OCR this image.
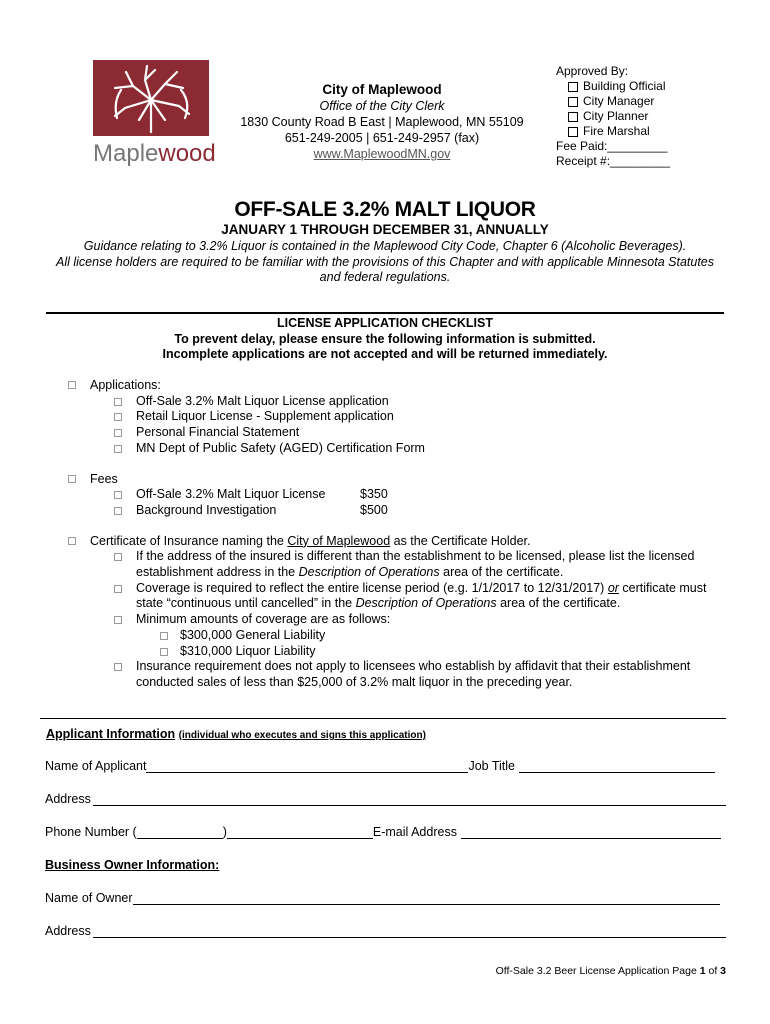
Maplewood
City of Maplewood
Office of the City Clerk
1830 County Road B East | Maplewood, MN 55109
651-249-2005 | 651-249-2957 (fax)
www.MaplewoodMN.gov
Approved By:
Building Official
City Manager
City Planner
Fire Marshal
Fee Paid:_________
Receipt #:_________
OFF-SALE 3.2% MALT LIQUOR
JANUARY 1 THROUGH DECEMBER 31, ANNUALLY
Guidance relating to 3.2% Liquor is contained in the Maplewood City Code, Chapter 6 (Alcoholic Beverages).
All license holders are required to be familiar with the provisions of this Chapter and with applicable Minnesota Statutes
and federal regulations.
LICENSE APPLICATION CHECKLIST
To prevent delay, please ensure the following information is submitted.
Incomplete applications are not accepted and will be returned immediately.
Applications:
Off-Sale 3.2% Malt Liquor License application
Retail Liquor License - Supplement application
Personal Financial Statement
MN Dept of Public Safety (AGED) Certification Form
Fees
Off-Sale 3.2% Malt Liquor License	$350
Background Investigation	$500
Certificate of Insurance naming the City of Maplewood as the Certificate Holder.
If the address of the insured is different than the establishment to be licensed, please list the licensed
establishment address in the Description of Operations area of the certificate.
Coverage is required to reflect the entire license period (e.g. 1/1/2017 to 12/31/2017) or certificate must
state “continuous until cancelled” in the Description of Operations area of the certificate.
Minimum amounts of coverage are as follows:
$300,000 General Liability
$310,000 Liquor Liability
Insurance requirement does not apply to licensees who establish by affidavit that their establishment
conducted sales of less than $25,000 of 3.2% malt liquor in the preceding year.
Applicant Information (individual who executes and signs this application)
Name of Applicant	Job Title
Address
Phone Number (	)	E-mail Address
Business Owner Information:
Name of Owner
Address
Off-Sale 3.2 Beer License Application Page 1 of 3
